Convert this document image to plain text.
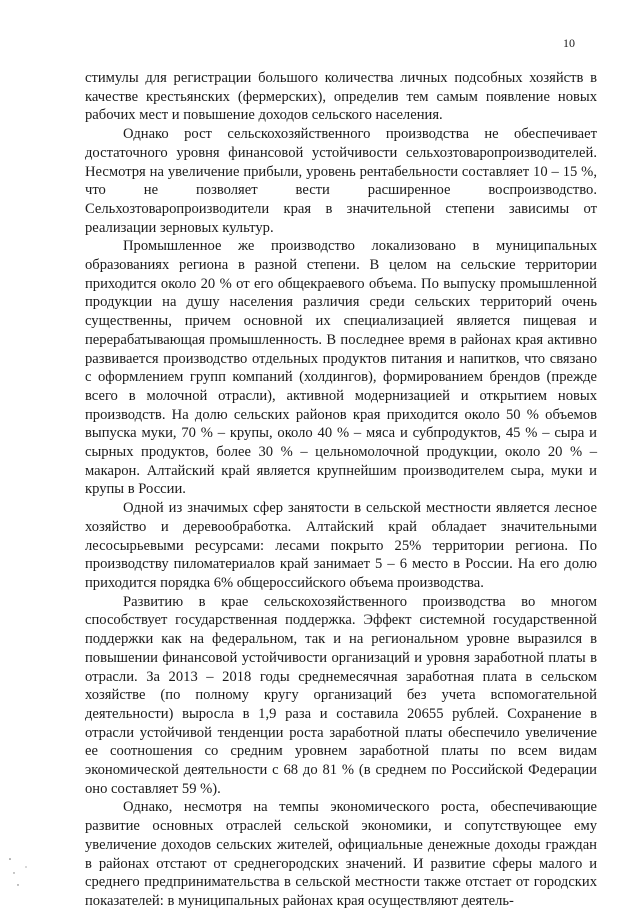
10

стимулы для регистрации большого количества личных подсобных хозяйств в качестве крестьянских (фермерских), определив тем самым появление новых рабочих мест и повышение доходов сельского населения.

Однако рост сельскохозяйственного производства не обеспечивает достаточного уровня финансовой устойчивости сельхозтоваропроизводителей. Несмотря на увеличение прибыли, уровень рентабельности составляет 10 – 15 %, что не позволяет вести расширенное воспроизводство. Сельхозтоваропроизводители края в значительной степени зависимы от реализации зерновых культур.

Промышленное же производство локализовано в муниципальных образованиях региона в разной степени. В целом на сельские территории приходится около 20 % от его общекраевого объема. По выпуску промышленной продукции на душу населения различия среди сельских территорий очень существенны, причем основной их специализацией является пищевая и перерабатывающая промышленность. В последнее время в районах края активно развивается производство отдельных продуктов питания и напитков, что связано с оформлением групп компаний (холдингов), формированием брендов (прежде всего в молочной отрасли), активной модернизацией и открытием новых производств. На долю сельских районов края приходится около 50 % объемов выпуска муки, 70 % – крупы, около 40 % – мяса и субпродуктов, 45 % – сыра и сырных продуктов, более 30 % – цельномолочной продукции, около 20 % – макарон. Алтайский край является крупнейшим производителем сыра, муки и крупы в России.

Одной из значимых сфер занятости в сельской местности является лесное хозяйство и деревообработка. Алтайский край обладает значительными лесосырьевыми ресурсами: лесами покрыто 25% территории региона. По производству пиломатериалов край занимает 5 – 6 место в России. На его долю приходится порядка 6% общероссийского объема производства.

Развитию в крае сельскохозяйственного производства во многом способствует государственная поддержка. Эффект системной государственной поддержки как на федеральном, так и на региональном уровне выразился в повышении финансовой устойчивости организаций и уровня заработной платы в отрасли. За 2013 – 2018 годы среднемесячная заработная плата в сельском хозяйстве (по полному кругу организаций без учета вспомогательной деятельности) выросла в 1,9 раза и составила 20655 рублей. Сохранение в отрасли устойчивой тенденции роста заработной платы обеспечило увеличение ее соотношения со средним уровнем заработной платы по всем видам экономической деятельности с 68 до 81 % (в среднем по Российской Федерации оно составляет 59 %).

Однако, несмотря на темпы экономического роста, обеспечивающие развитие основных отраслей сельской экономики, и сопутствующее ему увеличение доходов сельских жителей, официальные денежные доходы граждан в районах отстают от среднегородских значений. И развитие сферы малого и среднего предпринимательства в сельской местности также отстает от городских показателей: в муниципальных районах края осуществляют деятель-
